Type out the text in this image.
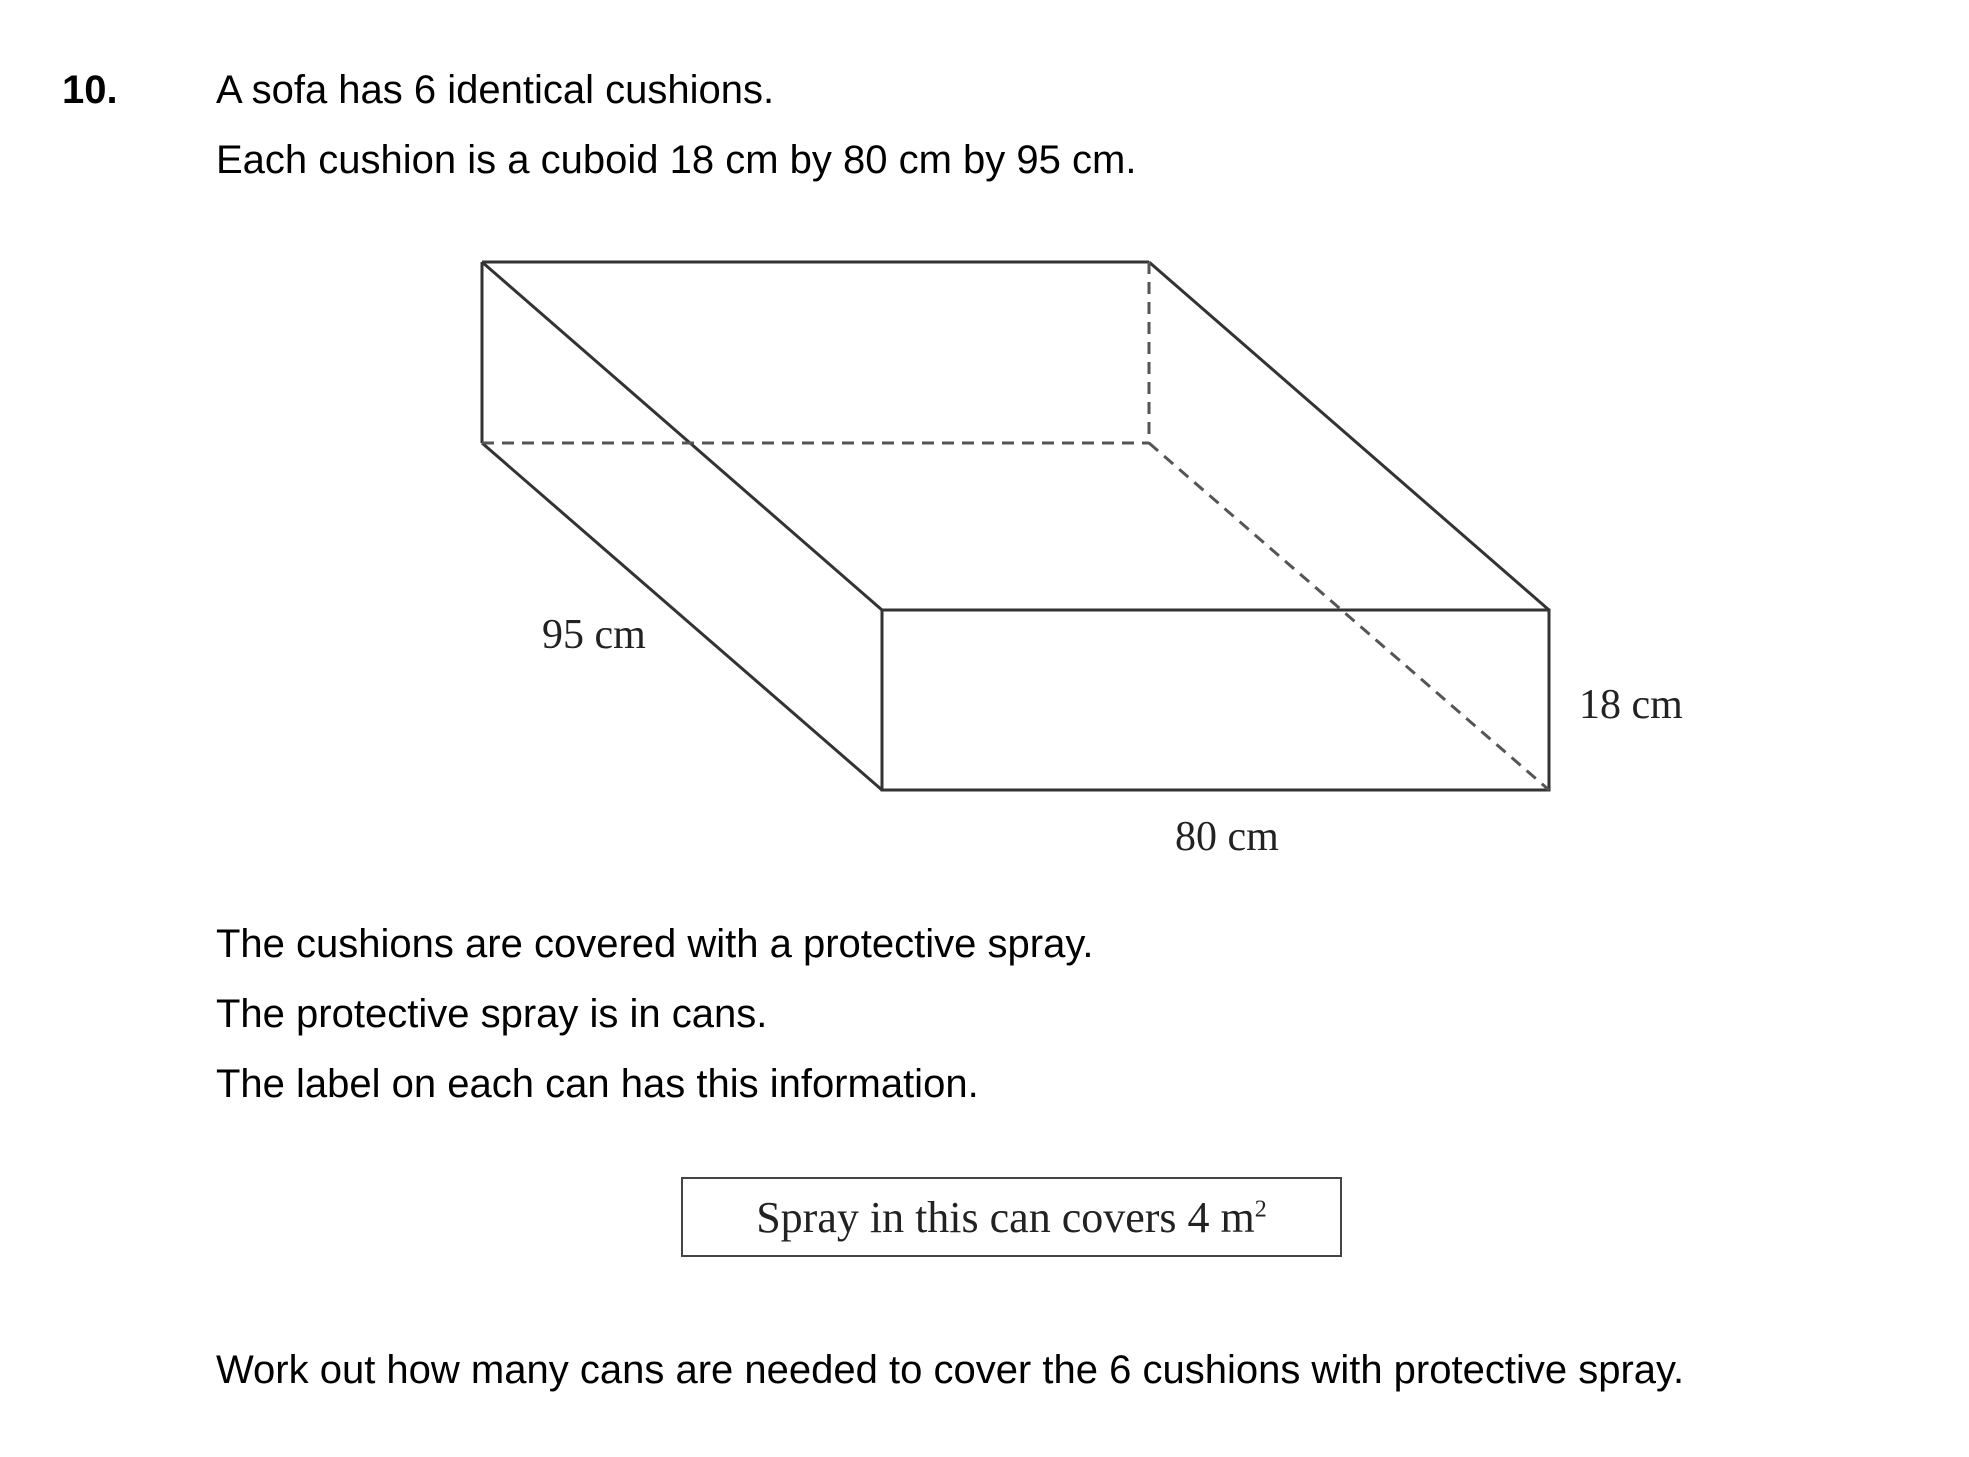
10. A sofa has 6 identical cushions.

Each cushion is a cuboid 18 cm by 80 cm by 95 cm.

95 cm
18 cm
80 cm

The cushions are covered with a protective spray.

The protective spray is in cans.

The label on each can has this information.

Spray in this can covers 4 $m^2$

Work out how many cans are needed to cover the 6 cushions with protective spray.
